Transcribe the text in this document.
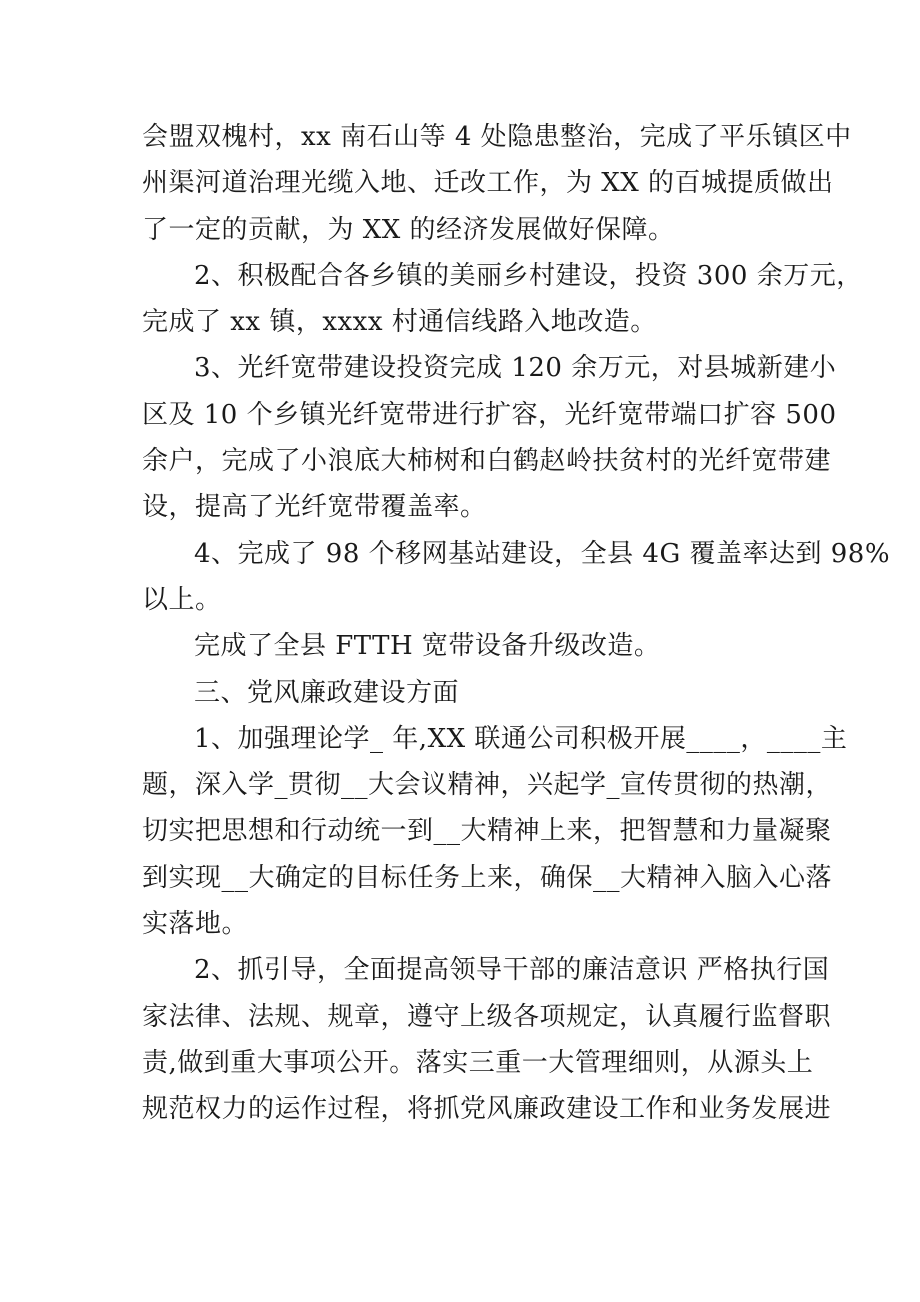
会盟双槐村，xx 南石山等 4 处隐患整治，完成了平乐镇区中
州渠河道治理光缆入地、迁改工作，为 XX 的百城提质做出
了一定的贡献，为 XX 的经济发展做好保障。
2、积极配合各乡镇的美丽乡村建设，投资 300 余万元，
完成了 xx 镇，xxxx 村通信线路入地改造。
3、光纤宽带建设投资完成 120 余万元，对县城新建小
区及 10 个乡镇光纤宽带进行扩容，光纤宽带端口扩容 500
余户，完成了小浪底大柿树和白鹤赵岭扶贫村的光纤宽带建
设，提高了光纤宽带覆盖率。
4、完成了 98 个移网基站建设，全县 4G 覆盖率达到 98%
以上。
完成了全县 FTTH 宽带设备升级改造。
三、党风廉政建设方面
1、加强理论学_ 年,XX 联通公司积极开展____，____主
题，深入学_贯彻__大会议精神，兴起学_宣传贯彻的热潮，
切实把思想和行动统一到__大精神上来，把智慧和力量凝聚
到实现__大确定的目标任务上来，确保__大精神入脑入心落
实落地。
2、抓引导，全面提高领导干部的廉洁意识 严格执行国
家法律、法规、规章，遵守上级各项规定，认真履行监督职
责,做到重大事项公开。落实三重一大管理细则，从源头上
规范权力的运作过程，将抓党风廉政建设工作和业务发展进
